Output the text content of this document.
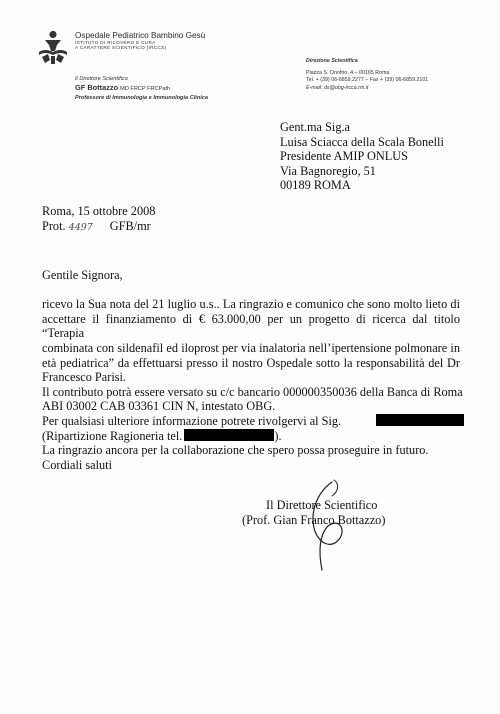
Ospedale Pediatrico Bambino Gesù
ISTITUTO DI RICOVERO E CURA
A CARATTERE SCIENTIFICO (IRCCS)
Il Direttore Scientifico
GF Bottazzo MD FRCP FRCPath
Professore di Immunologia e Immunologia Clinica
Direzione Scientifica
Piazza S. Onofrio, 4 – 00165 Roma
Tel. + (39) 06-6859.2277 – Fax + (39) 06-6859.2101
E-mail: ds@obg-ircca.rm.it
Gent.ma Sig.a
Luisa Sciacca della Scala Bonelli
Presidente AMIP ONLUS
Via Bagnoregio, 51
00189 ROMA
Roma, 15 ottobre 2008
Prot. 4497 GFB/mr
Gentile Signora,
ricevo la Sua nota del 21 luglio u.s.. La ringrazio e comunico che sono molto lieto di
accettare il finanziamento di € 63.000,00 per un progetto di ricerca dal titolo “Terapia
combinata con sildenafil ed iloprost per via inalatoria nell’ipertensione polmonare in
età pediatrica” da effettuarsi presso il nostro Ospedale sotto la responsabilità del Dr
Francesco Parisi.
Il contributo potrà essere versato su c/c bancario 000000350036 della Banca di Roma
ABI 03002 CAB 03361 CIN N, intestato OBG.
Per qualsiasi ulteriore informazione potrete rivolgervi al Sig.
(Ripartizione Ragioneria tel.	).
La ringrazio ancora per la collaborazione che spero possa proseguire in futuro.
Cordiali saluti
Il Direttore Scientifico
(Prof. Gian Franco Bottazzo)
